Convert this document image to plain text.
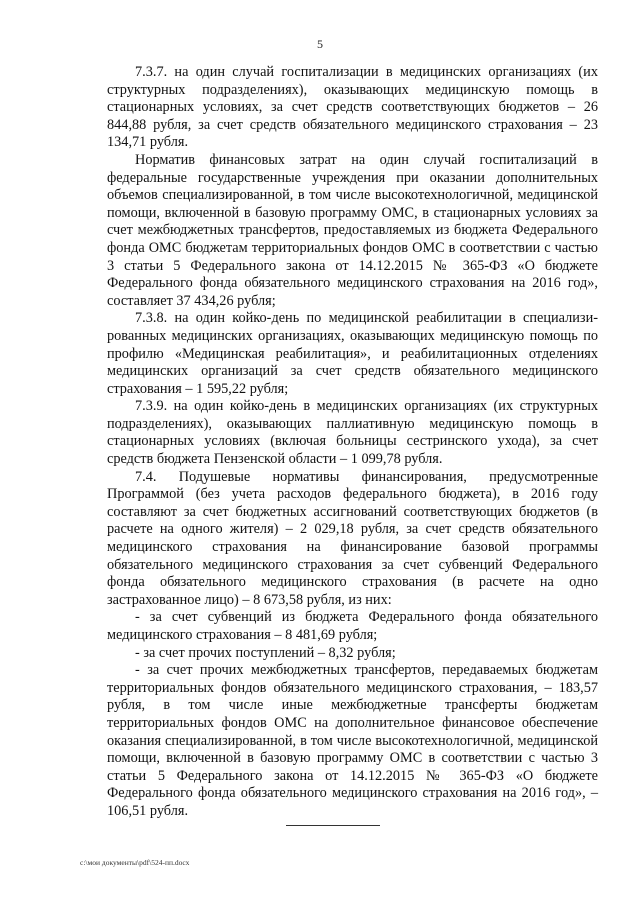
5

7.3.7. на один случай госпитализации в медицинских организациях (их структурных подразделениях), оказывающих медицинскую помощь в стационарных условиях, за счет средств соответствующих бюджетов – 26 844,88 рубля, за счет средств обязательного медицинского страхования – 23 134,71 рубля.

Норматив финансовых затрат на один случай госпитализаций в федеральные государственные учреждения при оказании дополнительных объемов специализированной, в том числе высокотехнологичной, медицинской помощи, включенной в базовую программу ОМС, в стационарных условиях за счет межбюджетных трансфертов, предоставляемых из бюджета Федерального фонда ОМС бюджетам территориальных фондов ОМС в соответствии с частью 3 статьи 5 Федерального закона от 14.12.2015 № 365-ФЗ «О бюджете Федерального фонда обязательного медицинского страхования на 2016 год», составляет 37 434,26 рубля;

7.3.8. на один койко-день по медицинской реабилитации в специализированных медицинских организациях, оказывающих медицинскую помощь по профилю «Медицинская реабилитация», и реабилитационных отделениях медицинских организаций за счет средств обязательного медицинского страхования – 1 595,22 рубля;

7.3.9. на один койко-день в медицинских организациях (их структурных подразделениях), оказывающих паллиативную медицинскую помощь в стационарных условиях (включая больницы сестринского ухода), за счет средств бюджета Пензенской области – 1 099,78 рубля.

7.4. Подушевые нормативы финансирования, предусмотренные Программой (без учета расходов федерального бюджета), в 2016 году составляют за счет бюджетных ассигнований соответствующих бюджетов (в расчете на одного жителя) – 2 029,18 рубля, за счет средств обязательного медицинского страхования на финансирование базовой программы обязательного медицинского страхования за счет субвенций Федерального фонда обязательного медицинского страхования (в расчете на одно застрахованное лицо) – 8 673,58 рубля, из них:

- за счет субвенций из бюджета Федерального фонда обязательного медицинского страхования – 8 481,69 рубля;

- за счет прочих поступлений – 8,32 рубля;

- за счет прочих межбюджетных трансфертов, передаваемых бюджетам территориальных фондов обязательного медицинского страхования, – 183,57 рубля, в том числе иные межбюджетные трансферты бюджетам территориальных фондов ОМС на дополнительное финансовое обеспечение оказания специализированной, в том числе высокотехнологичной, медицинской помощи, включенной в базовую программу ОМС в соответствии с частью 3 статьи 5 Федерального закона от 14.12.2015 № 365-ФЗ «О бюджете Федерального фонда обязательного медицинского страхования на 2016 год», – 106,51 рубля.

c:\мои документы\pdf\524-пп.docx
